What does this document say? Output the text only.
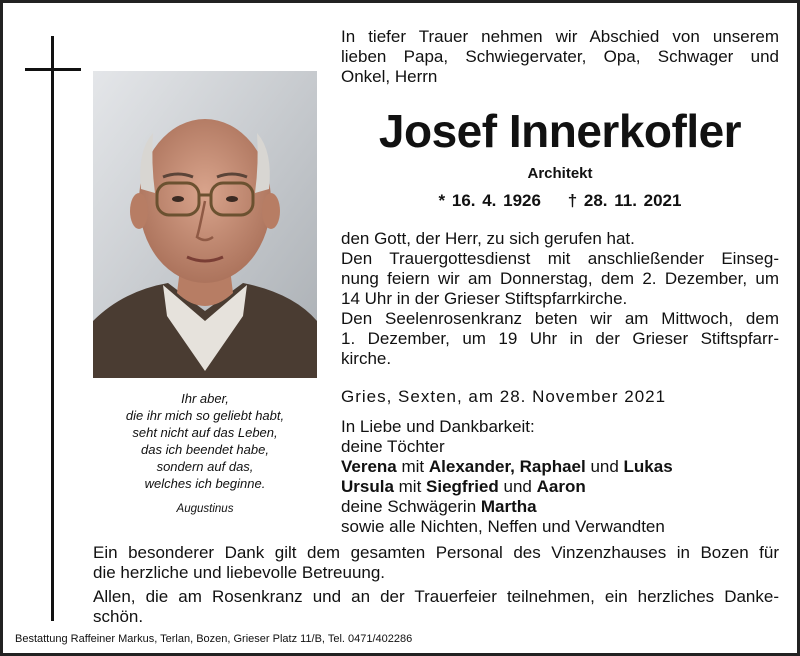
Ihr aber,

die ihr mich so geliebt habt,

seht nicht auf das Leben,

das ich beendet habe,

sondern auf das,

welches ich beginne.

Augustinus
In tiefer Trauer nehmen wir Abschied von unserem
lieben Papa, Schwiegervater, Opa, Schwager und
Onkel, Herrn
Josef Innerkofler
Architekt
* 16. 4. 1926 † 28. 11. 2021

den Gott, der Herr, zu sich gerufen hat.

Den Trauergottesdienst mit anschließender Einseg-
nung feiern wir am Donnerstag, dem 2. Dezember, um
14 Uhr in der Grieser Stiftspfarrkirche.

Den Seelenrosenkranz beten wir am Mittwoch, dem
1. Dezember, um 19 Uhr in der Grieser Stiftspfarr-
kirche.

Gries, Sexten, am 28. November 2021

In Liebe und Dankbarkeit:

deine Töchter

Verena mit Alexander, Raphael und Lukas

Ursula mit Siegfried und Aaron

deine Schwägerin Martha

sowie alle Nichten, Neffen und Verwandten

Ein besonderer Dank gilt dem gesamten Personal des Vinzenzhauses in Bozen für
die herzliche und liebevolle Betreuung.

Allen, die am Rosenkranz und an der Trauerfeier teilnehmen, ein herzliches Danke-
schön.

Bestattung Raffeiner Markus, Terlan, Bozen, Grieser Platz 11/B, Tel. 0471/402286
